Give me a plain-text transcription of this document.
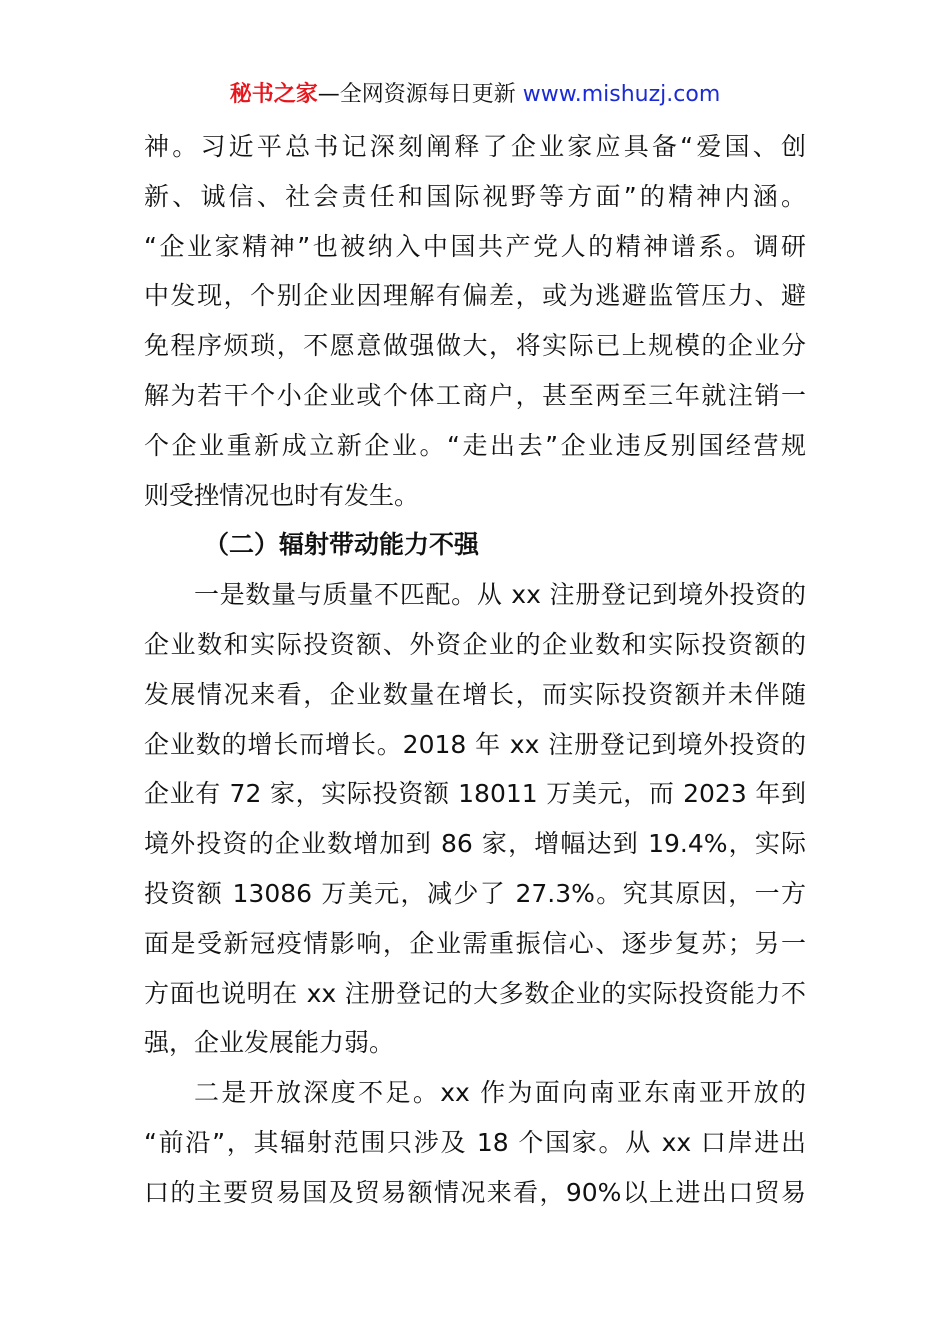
秘书之家—全网资源每日更新 www.mishuzj.com
神。习近平总书记深刻阐释了企业家应具备“爱国、创
新、诚信、社会责任和国际视野等方面”的精神内涵。
“企业家精神”也被纳入中国共产党人的精神谱系。调研
中发现，个别企业因理解有偏差，或为逃避监管压力、避
免程序烦琐，不愿意做强做大，将实际已上规模的企业分
解为若干个小企业或个体工商户，甚至两至三年就注销一
个企业重新成立新企业。“走出去”企业违反别国经营规
则受挫情况也时有发生。
（二）辐射带动能力不强
一是数量与质量不匹配。从 xx 注册登记到境外投资的
企业数和实际投资额、外资企业的企业数和实际投资额的
发展情况来看，企业数量在增长，而实际投资额并未伴随
企业数的增长而增长。2018 年 xx 注册登记到境外投资的
企业有 72 家，实际投资额 18011 万美元，而 2023 年到
境外投资的企业数增加到 86 家，增幅达到 19.4%，实际
投资额 13086 万美元，减少了 27.3%。究其原因，一方
面是受新冠疫情影响，企业需重振信心、逐步复苏；另一
方面也说明在 xx 注册登记的大多数企业的实际投资能力不
强，企业发展能力弱。
二是开放深度不足。xx 作为面向南亚东南亚开放的
“前沿”，其辐射范围只涉及 18 个国家。从 xx 口岸进出
口的主要贸易国及贸易额情况来看，90%以上进出口贸易
